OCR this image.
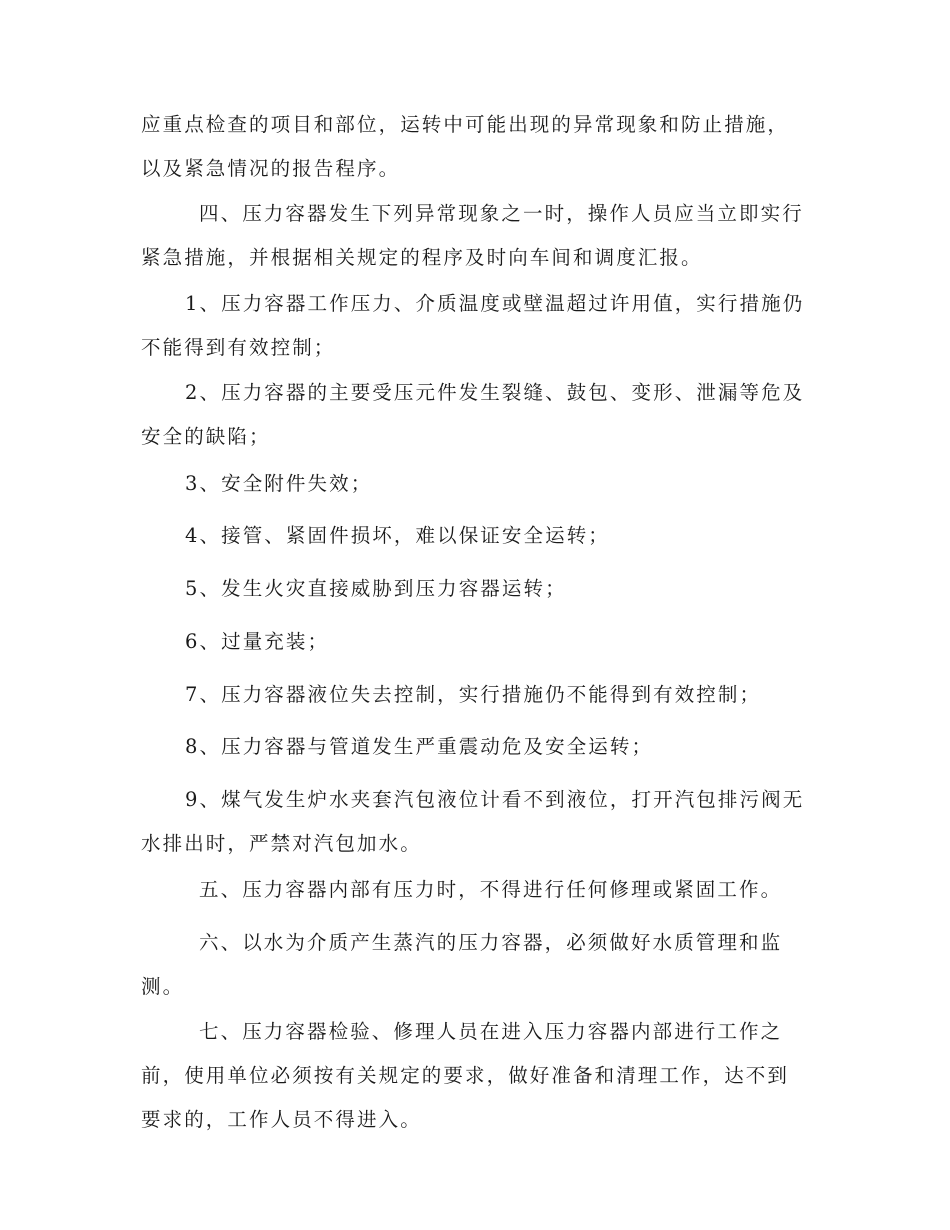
应重点检查的项目和部位，运转中可能出现的异常现象和防止措施，
以及紧急情况的报告程序。
四、压力容器发生下列异常现象之一时，操作人员应当立即实行
紧急措施，并根据相关规定的程序及时向车间和调度汇报。
1、压力容器工作压力、介质温度或壁温超过许用值，实行措施仍
不能得到有效控制；
2、压力容器的主要受压元件发生裂缝、鼓包、变形、泄漏等危及
安全的缺陷；
3、安全附件失效；
4、接管、紧固件损坏，难以保证安全运转；
5、发生火灾直接威胁到压力容器运转；
6、过量充装；
7、压力容器液位失去控制，实行措施仍不能得到有效控制；
8、压力容器与管道发生严重震动危及安全运转；
9、煤气发生炉水夹套汽包液位计看不到液位，打开汽包排污阀无
水排出时，严禁对汽包加水。
五、压力容器内部有压力时，不得进行任何修理或紧固工作。
六、以水为介质产生蒸汽的压力容器，必须做好水质管理和监
测。
七、压力容器检验、修理人员在进入压力容器内部进行工作之
前，使用单位必须按有关规定的要求，做好准备和清理工作，达不到
要求的，工作人员不得进入。
